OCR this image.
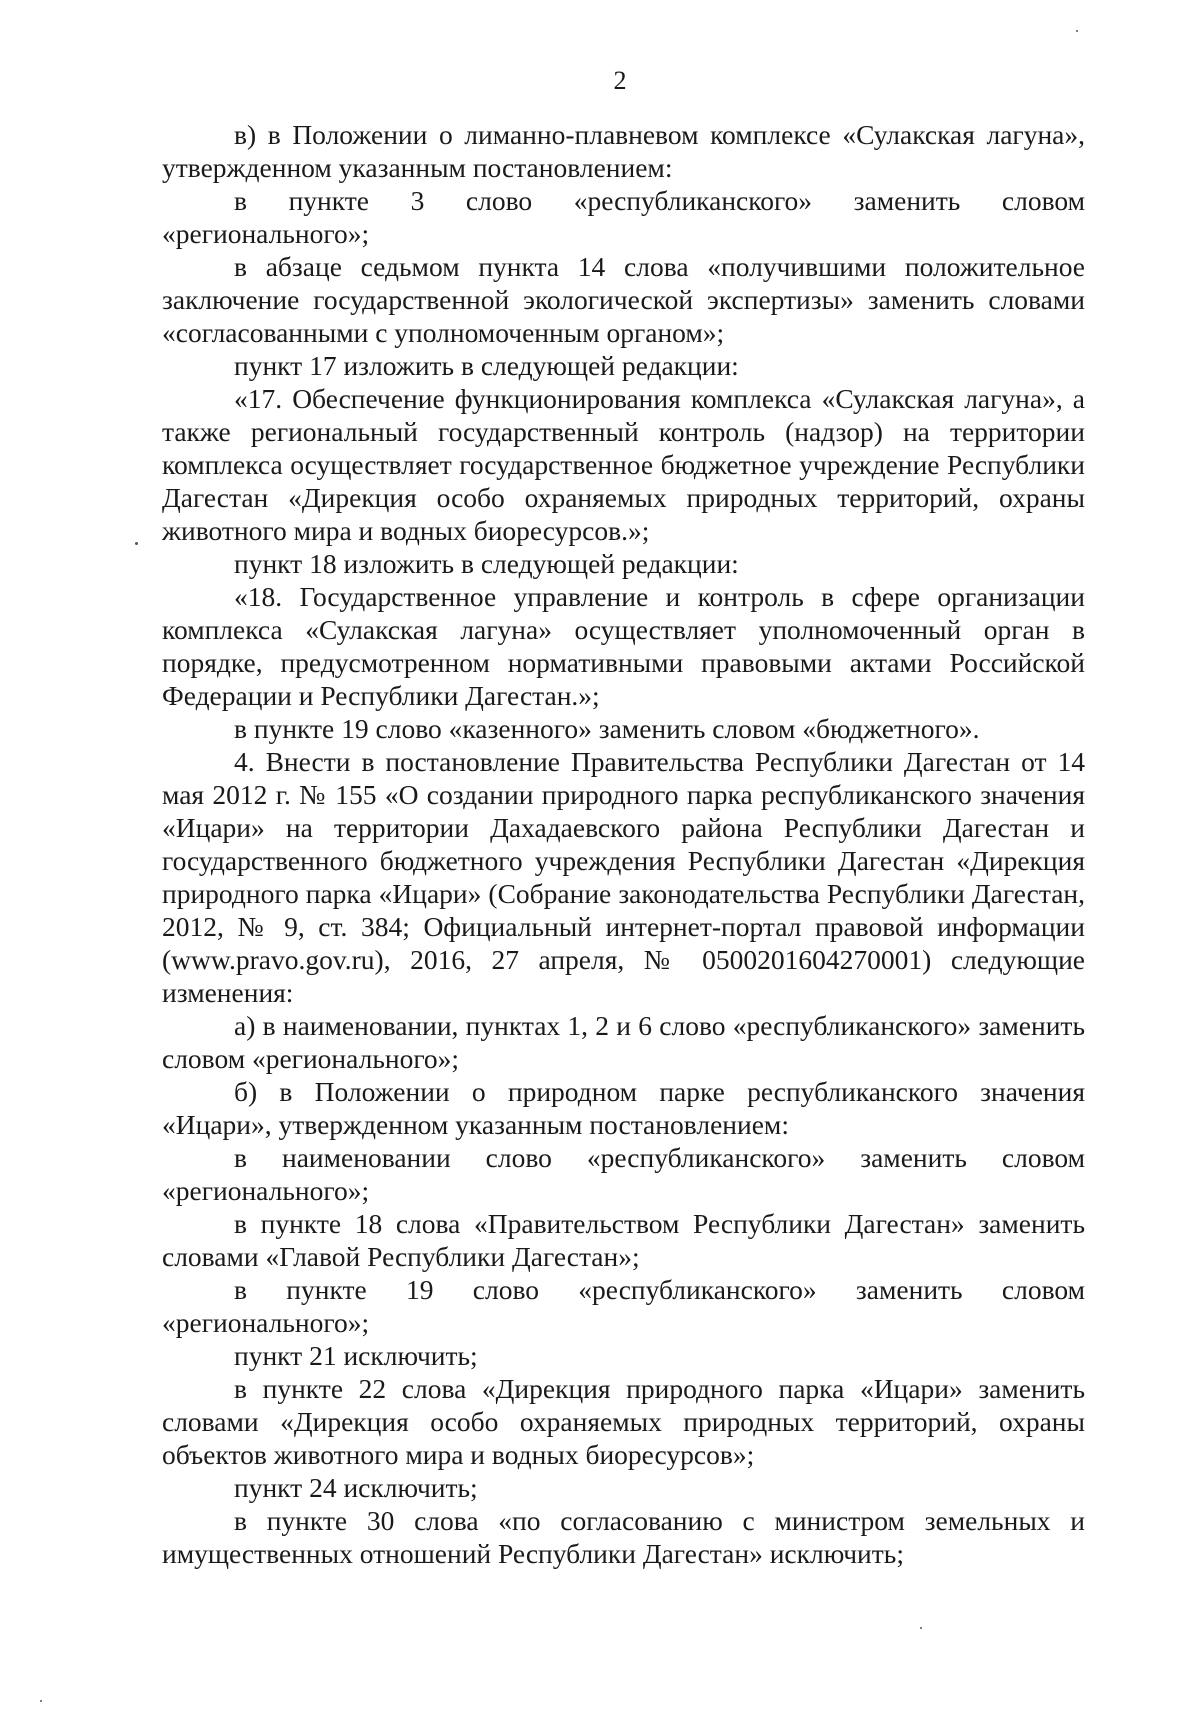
2

в) в Положении о лиманно-плавневом комплексе «Сулакская лагуна», утвержденном указанным постановлением:

в пункте 3 слово «республиканского» заменить словом «регионального»;

в абзаце седьмом пункта 14 слова «получившими положительное заключение государственной экологической экспертизы» заменить словами «согласованными с уполномоченным органом»;

пункт 17 изложить в следующей редакции:

«17. Обеспечение функционирования комплекса «Сулакская лагуна», а также региональный государственный контроль (надзор) на территории комплекса осуществляет государственное бюджетное учреждение Республики Дагестан «Дирекция особо охраняемых природных территорий, охраны животного мира и водных биоресурсов.»;

пункт 18 изложить в следующей редакции:

«18. Государственное управление и контроль в сфере организации комплекса «Сулакская лагуна» осуществляет уполномоченный орган в порядке, предусмотренном нормативными правовыми актами Российской Федерации и Республики Дагестан.»;

в пункте 19 слово «казенного» заменить словом «бюджетного».

4. Внести в постановление Правительства Республики Дагестан от 14 мая 2012 г. № 155 «О создании природного парка республиканского значения «Ицари» на территории Дахадаевского района Республики Дагестан и государственного бюджетного учреждения Республики Дагестан «Дирекция природного парка «Ицари» (Собрание законодательства Республики Дагестан, 2012, № 9, ст. 384; Официальный интернет-портал правовой информации (www.pravo.gov.ru), 2016, 27 апреля, № 0500201604270001) следующие изменения:

а) в наименовании, пунктах 1, 2 и 6 слово «республиканского» заменить словом «регионального»;

б) в Положении о природном парке республиканского значения «Ицари», утвержденном указанным постановлением:

в наименовании слово «республиканского» заменить словом «регионального»;

в пункте 18 слова «Правительством Республики Дагестан» заменить словами «Главой Республики Дагестан»;

в пункте 19 слово «республиканского» заменить словом «регионального»;

пункт 21 исключить;

в пункте 22 слова «Дирекция природного парка «Ицари» заменить словами «Дирекция особо охраняемых природных территорий, охраны объектов животного мира и водных биоресурсов»;

пункт 24 исключить;

в пункте 30 слова «по согласованию с министром земельных и имущественных отношений Республики Дагестан» исключить;
